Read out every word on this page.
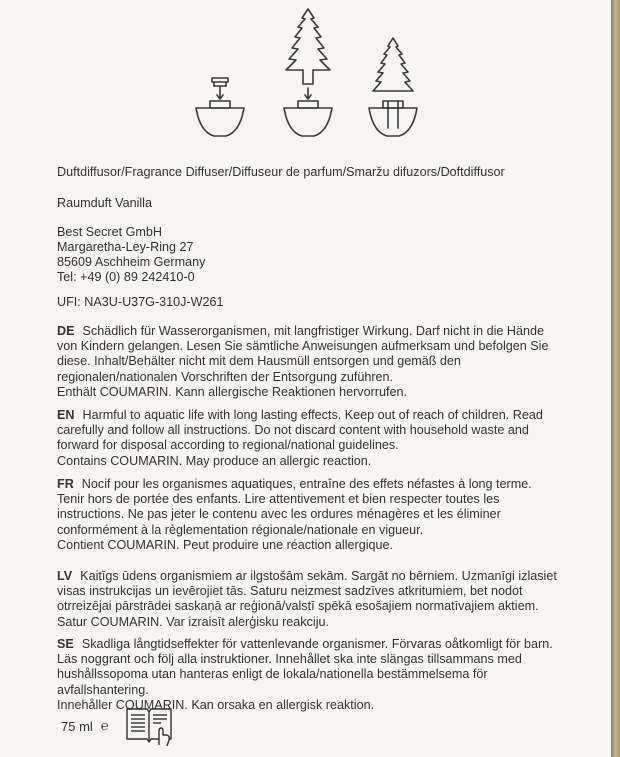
Duftdiffusor/Fragrance Diffuser/Diffuseur de parfum/Smaržu difuzors/Doftdiffusor
Raumduft Vanilla
Best Secret GmbH
Margaretha-Ley-Ring 27
85609 Aschheim Germany
Tel: +49 (0) 89 242410-0
UFI: NA3U-U37G-310J-W261

DE Schädlich für Wasserorganismen, mit langfristiger Wirkung. Darf nicht in die Hände von Kindern gelangen. Lesen Sie sämtliche Anweisungen aufmerksam und befolgen Sie diese. Inhalt/Behälter nicht mit dem Hausmüll entsorgen und gemäß den regionalen/nationalen Vorschriften der Entsorgung zuführen.

Enthält COUMARIN. Kann allergische Reaktionen hervorrufen.

EN Harmful to aquatic life with long lasting effects. Keep out of reach of children. Read carefully and follow all instructions. Do not discard content with household waste and forward for disposal according to regional/national guidelines.

Contains COUMARIN. May produce an allergic reaction.

FR Nocif pour les organismes aquatiques, entraîne des effets néfastes à long terme. Tenir hors de portée des enfants. Lire attentivement et bien respecter toutes les instructions. Ne pas jeter le contenu avec les ordures ménagères et les éliminer conformément à la règlementation régionale/nationale en vigueur.

Contient COUMARIN. Peut produire une réaction allergique.

LV Kaitīgs ūdens organismiem ar ilgstošām sekām. Sargāt no bērniem. Uzmanīgi izlasiet visas instrukcijas un ievērojiet tās. Saturu neizmest sadzīves atkritumiem, bet nodot otrreizējai pārstrādei saskaņā ar reģionā/valstī spēkā esošajiem normatīvajiem aktiem.

Satur COUMARIN. Var izraisīt alerģisku reakciju.

SE Skadliga långtidseffekter för vattenlevande organismer. Förvaras oåtkomligt för barn. Läs noggrant och följ alla instruktioner. Innehållet ska inte slängas tillsammans med hushållssopoma utan hanteras enligt de lokala/nationella bestämmelsema för avfallshantering.

Innehåller COUMARIN. Kan orsaka en allergisk reaktion.
75 ml ℮
